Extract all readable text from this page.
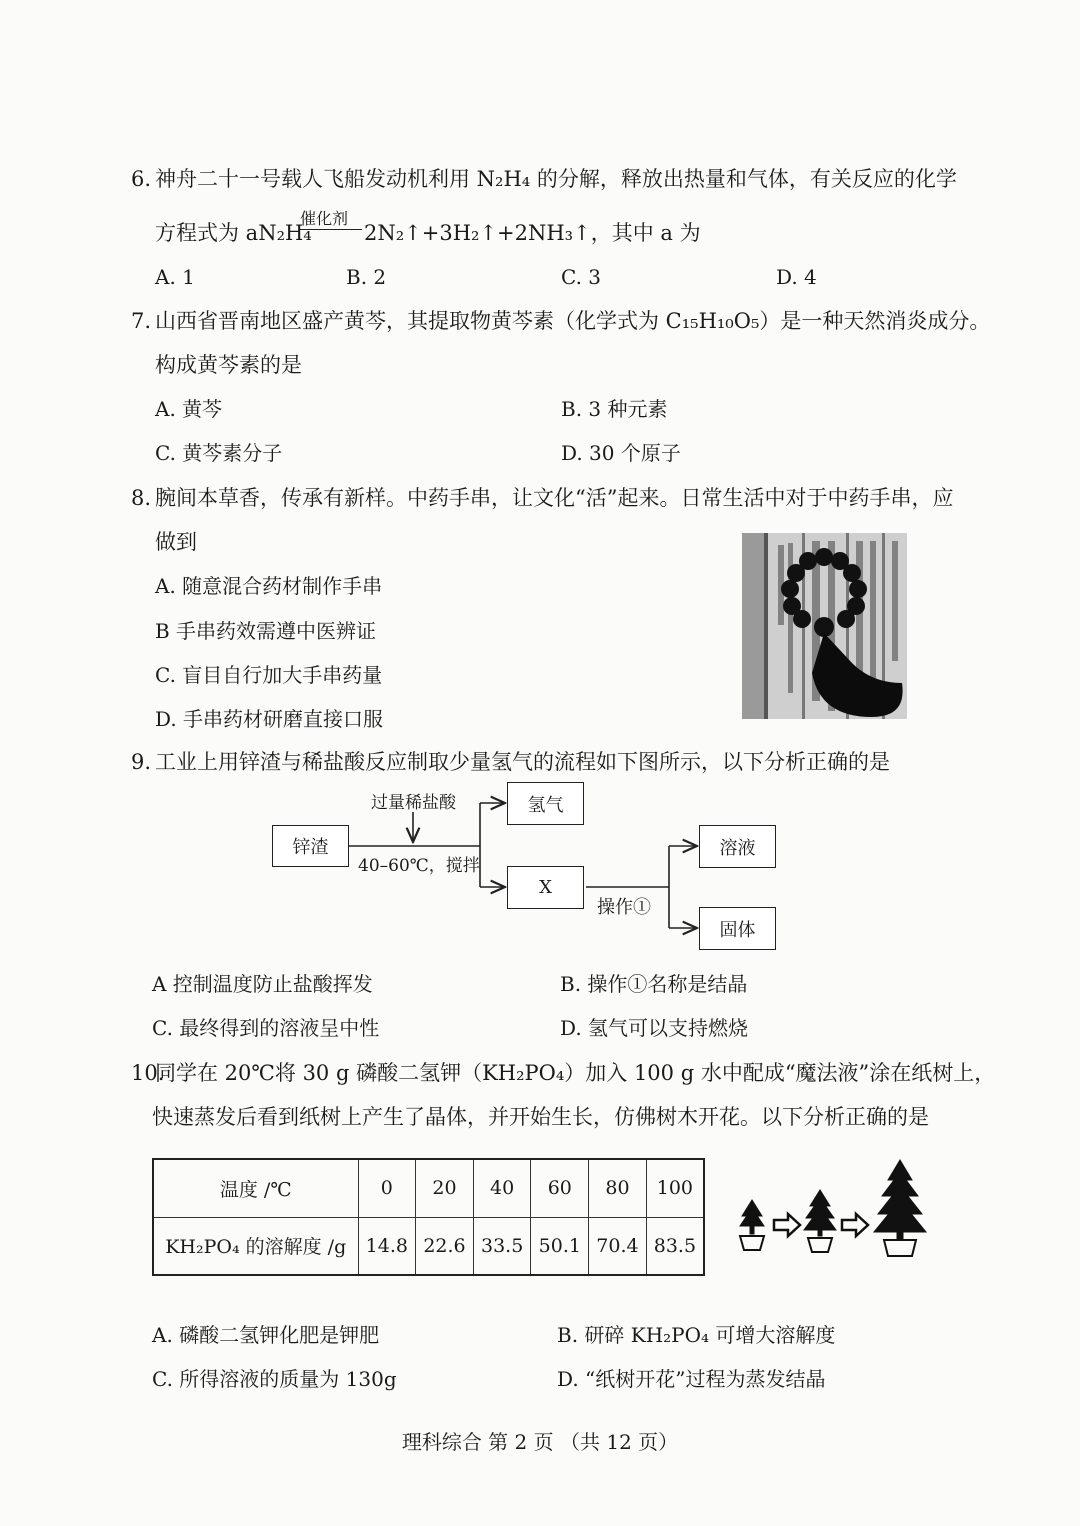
6. 神舟二十一号载人飞船发动机利用 N₂H₄ 的分解，释放出热量和气体，有关反应的化学
方程式为 aN₂H₄
催化剂
2N₂↑+3H₂↑+2NH₃↑，其中 a 为
A. 1	B. 2	C. 3	D. 4
7. 山西省晋南地区盛产黄芩，其提取物黄芩素（化学式为 C₁₅H₁₀O₅）是一种天然消炎成分。
构成黄芩素的是
A. 黄芩	B. 3 种元素
C. 黄芩素分子	D. 30 个原子
8. 腕间本草香，传承有新样。中药手串，让文化“活”起来。日常生活中对于中药手串，应
做到
A. 随意混合药材制作手串
B 手串药效需遵中医辨证
C. 盲目自行加大手串药量
D. 手串药材研磨直接口服
9. 工业上用锌渣与稀盐酸反应制取少量氢气的流程如下图所示，以下分析正确的是
锌渣
过量稀盐酸
40–60℃，搅拌
氢气
X
操作①
溶液
固体
A 控制温度防止盐酸挥发	B. 操作①名称是结晶
C. 最终得到的溶液呈中性	D. 氢气可以支持燃烧
10.
同学在 20℃将 30 g 磷酸二氢钾（KH₂PO₄）加入 100 g 水中配成“魔法液”涂在纸树上，
快速蒸发后看到纸树上产生了晶体，并开始生长，仿佛树木开花。以下分析正确的是
温度 /℃	0	20	40	60	80	100
KH₂PO₄ 的溶解度 /g	14.8	22.6	33.5	50.1	70.4	83.5
A. 磷酸二氢钾化肥是钾肥	B. 研碎 KH₂PO₄ 可增大溶解度
C. 所得溶液的质量为 130g	D. “纸树开花”过程为蒸发结晶
理科综合 第 2 页 （共 12 页）
